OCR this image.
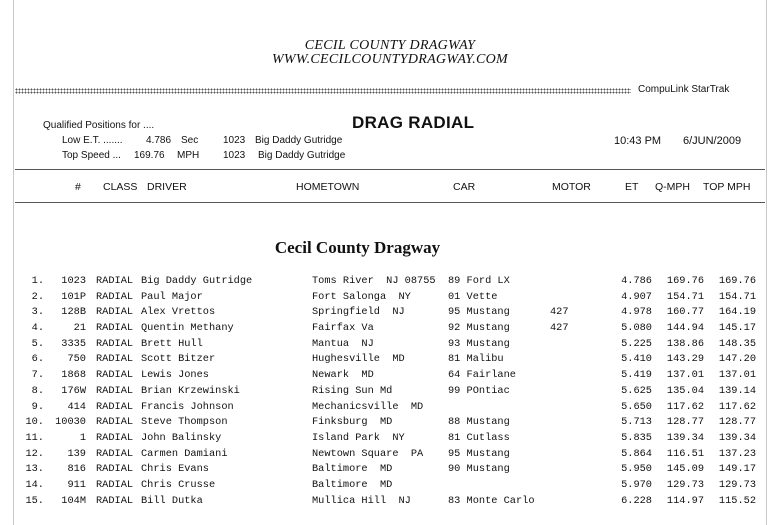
CECIL COUNTY DRAGWAY
WWW.CECILCOUNTYDRAGWAY.COM
CompuLink StarTrak
Qualified Positions for ....
Low E.T. ....... 4.786 Sec 1023 Big Daddy Gutridge
Top Speed ... 169.76 MPH 1023 Big Daddy Gutridge
DRAG RADIAL
10:43 PM 6/JUN/2009
# CLASS DRIVER	HOMETOWN	CAR	MOTOR	ET Q-MPH TOP MPH
Cecil County Dragway
1.	1023 RADIAL Big Daddy Gutridge	Toms River  NJ 08755	89 Ford LX	4.786	169.76	169.76
2.	101P RADIAL Paul Major	Fort Salonga  NY	01 Vette	4.907	154.71	154.71
3.	128B RADIAL Alex Vrettos	Springfield  NJ	95 Mustang	427	4.978	160.77	164.19
4.	21 RADIAL Quentin Methany	Fairfax Va	92 Mustang	427	5.080	144.94	145.17
5.	3335 RADIAL Brett Hull	Mantua  NJ	93 Mustang	5.225	138.86	148.35
6.	750 RADIAL Scott Bitzer	Hughesville  MD	81 Malibu	5.410	143.29	147.20
7.	1868 RADIAL Lewis Jones	Newark  MD	64 Fairlane	5.419	137.01	137.01
8.	176W RADIAL Brian Krzewinski	Rising Sun Md	99 POntiac	5.625	135.04	139.14
9.	414 RADIAL Francis Johnson	Mechanicsville  MD	5.650	117.62	117.62
10.	10030 RADIAL Steve Thompson	Finksburg  MD	88 Mustang	5.713	128.77	128.77
11.	1 RADIAL John Balinsky	Island Park  NY	81 Cutlass	5.835	139.34	139.34
12.	139 RADIAL Carmen Damiani	Newtown Square  PA	95 Mustang	5.864	116.51	137.23
13.	816 RADIAL Chris Evans	Baltimore  MD	90 Mustang	5.950	145.09	149.17
14.	911 RADIAL Chris Crusse	Baltimore  MD	5.970	129.73	129.73
15.	104M RADIAL Bill Dutka	Mullica Hill  NJ	83 Monte Carlo	6.228	114.97	115.52
